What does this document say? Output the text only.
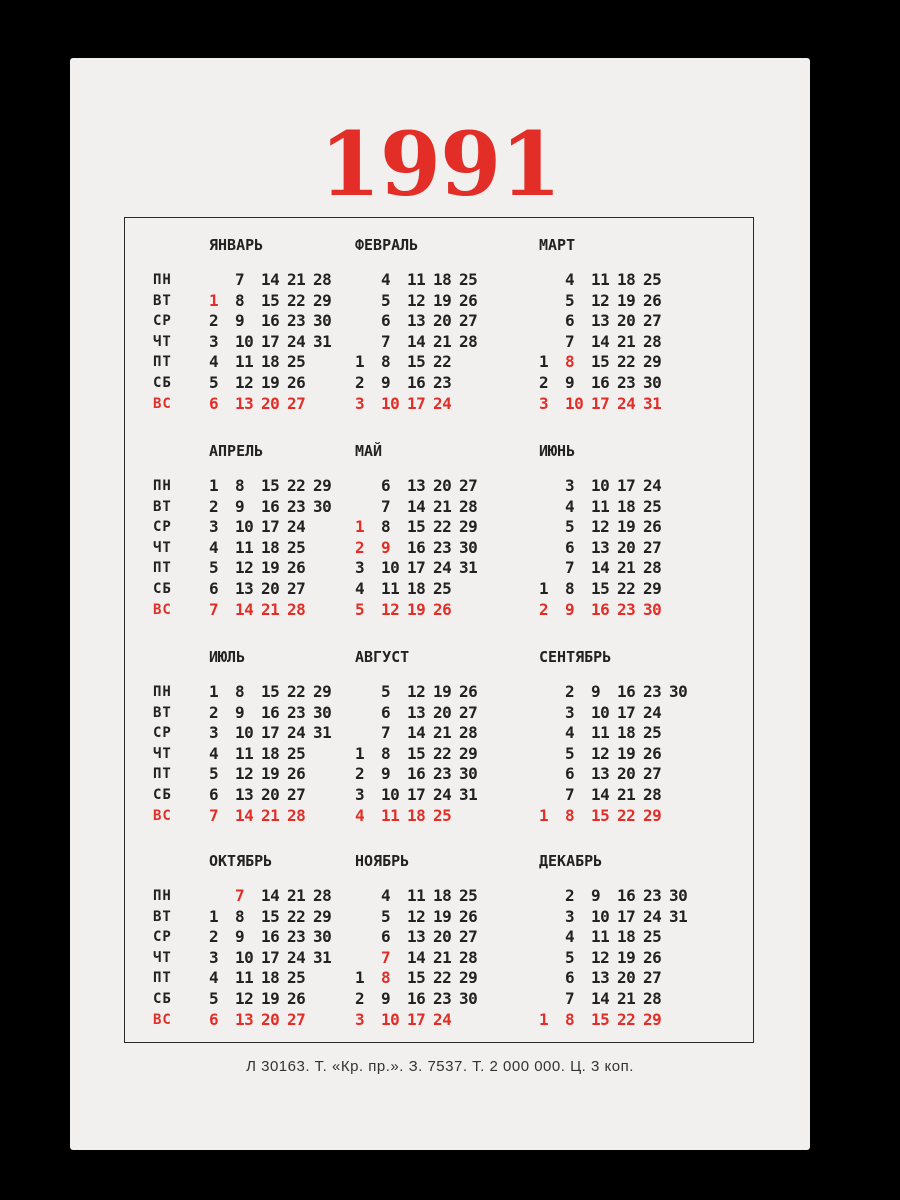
1991
ЯНВАРЬ
ПН
ВТ
СР
ЧТ
ПТ
СБ
ВС
7 14 21 28
1 8 15 22 29
2 9 16 23 30
3 10 17 24 31
4 11 18 25
5 12 19 26
6 13 20 27
ФЕВРАЛЬ
4 11 18 25
5 12 19 26
6 13 20 27
7 14 21 28
1 8 15 22
2 9 16 23
3 10 17 24
МАРТ
4 11 18 25
5 12 19 26
6 13 20 27
7 14 21 28
1 8 15 22 29
2 9 16 23 30
3 10 17 24 31
АПРЕЛЬ
ПН
ВТ
СР
ЧТ
ПТ
СБ
ВС
1 8 15 22 29
2 9 16 23 30
3 10 17 24
4 11 18 25
5 12 19 26
6 13 20 27
7 14 21 28
МАЙ
6 13 20 27
7 14 21 28
1 8 15 22 29
2 9 16 23 30
3 10 17 24 31
4 11 18 25
5 12 19 26
ИЮНЬ
3 10 17 24
4 11 18 25
5 12 19 26
6 13 20 27
7 14 21 28
1 8 15 22 29
2 9 16 23 30
ИЮЛЬ
ПН
ВТ
СР
ЧТ
ПТ
СБ
ВС
1 8 15 22 29
2 9 16 23 30
3 10 17 24 31
4 11 18 25
5 12 19 26
6 13 20 27
7 14 21 28
АВГУСТ
5 12 19 26
6 13 20 27
7 14 21 28
1 8 15 22 29
2 9 16 23 30
3 10 17 24 31
4 11 18 25
СЕНТЯБРЬ
2 9 16 23 30
3 10 17 24
4 11 18 25
5 12 19 26
6 13 20 27
7 14 21 28
1 8 15 22 29
ОКТЯБРЬ
ПН
ВТ
СР
ЧТ
ПТ
СБ
ВС
7 14 21 28
1 8 15 22 29
2 9 16 23 30
3 10 17 24 31
4 11 18 25
5 12 19 26
6 13 20 27
НОЯБРЬ
4 11 18 25
5 12 19 26
6 13 20 27
7 14 21 28
1 8 15 22 29
2 9 16 23 30
3 10 17 24
ДЕКАБРЬ
2 9 16 23 30
3 10 17 24 31
4 11 18 25
5 12 19 26
6 13 20 27
7 14 21 28
1 8 15 22 29
Л 30163. Т. «Кр. пр.». З. 7537. Т. 2 000 000. Ц. 3 коп.
